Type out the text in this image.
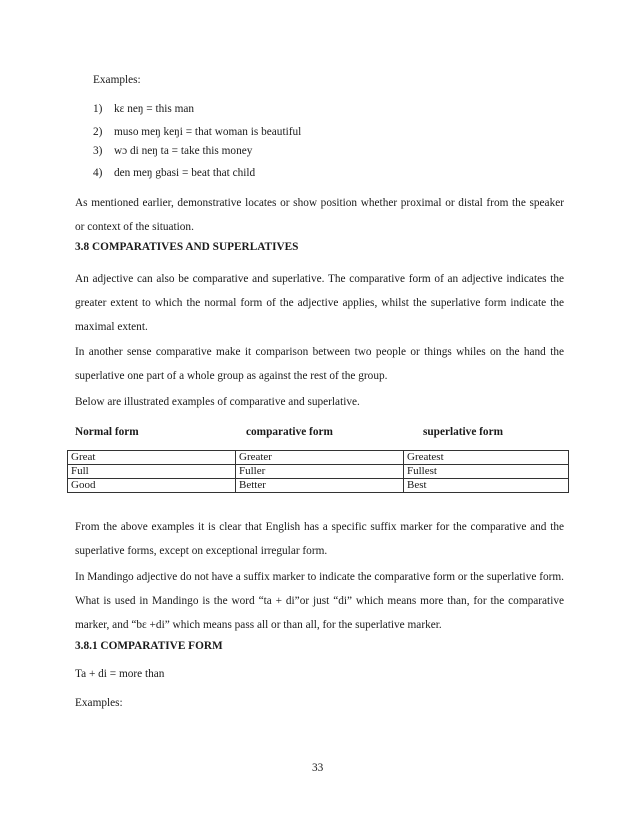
Examples:
1) kɛ neŋ = this man
2) muso meŋ keŋi = that woman is beautiful
3) wɔ di neŋ ta = take this money
4) den meŋ gbasi = beat that child
As mentioned earlier, demonstrative locates or show position whether proximal or distal from the speaker or context of the situation.
3.8 COMPARATIVES AND SUPERLATIVES
An adjective can also be comparative and superlative. The comparative form of an adjective indicates the greater extent to which the normal form of the adjective applies, whilst the superlative form indicate the maximal extent.
In another sense comparative make it comparison between two people or things whiles on the hand the superlative one part of a whole group as against the rest of the group.
Below are illustrated examples of comparative and superlative.
Normal form	comparative form	superlative form
Great	Greater	Greatest
Full	Fuller	Fullest
Good	Better	Best
From the above examples it is clear that English has a specific suffix marker for the comparative and the superlative forms, except on exceptional irregular form.
In Mandingo adjective do not have a suffix marker to indicate the comparative form or the superlative form. What is used in Mandingo is the word “ta + di”or just “di” which means more than, for the comparative marker, and “bɛ +di” which means pass all or than all, for the superlative marker.
3.8.1 COMPARATIVE FORM
Ta + di = more than
Examples:
33
